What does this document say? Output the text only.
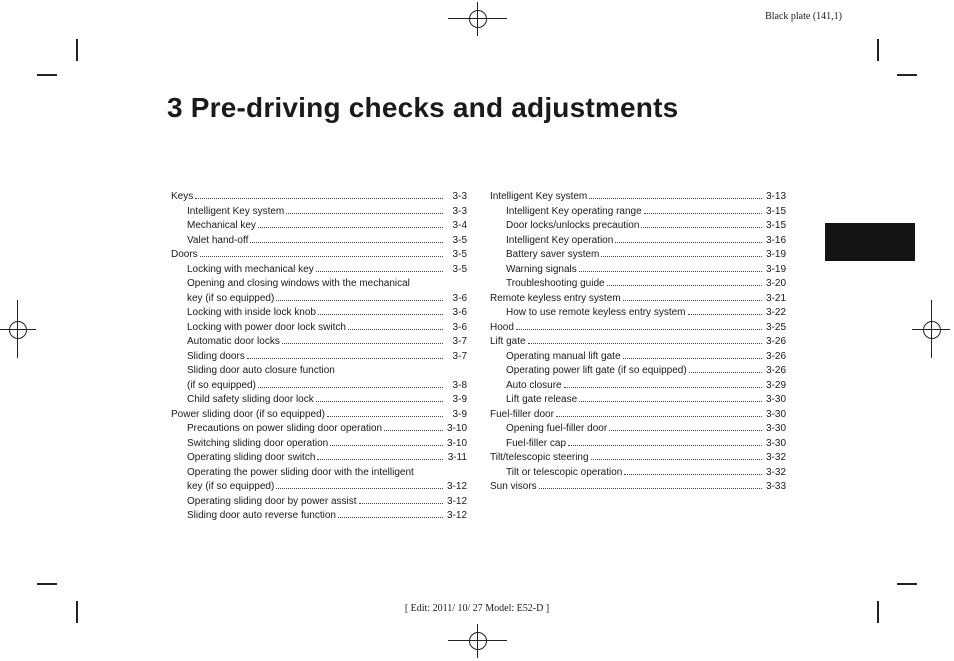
Black plate (141,1)
3 Pre-driving checks and adjustments
Keys	3-3
Intelligent Key system	3-3
Mechanical key	3-4
Valet hand-off	3-5
Doors	3-5
Locking with mechanical key	3-5
Opening and closing windows with the mechanical
key (if so equipped)	3-6
Locking with inside lock knob	3-6
Locking with power door lock switch	3-6
Automatic door locks	3-7
Sliding doors	3-7
Sliding door auto closure function
(if so equipped)	3-8
Child safety sliding door lock	3-9
Power sliding door (if so equipped)	3-9
Precautions on power sliding door operation	3-10
Switching sliding door operation	3-10
Operating sliding door switch	3-11
Operating the power sliding door with the intelligent
key (if so equipped)	3-12
Operating sliding door by power assist	3-12
Sliding door auto reverse function	3-12
Intelligent Key system	3-13
Intelligent Key operating range	3-15
Door locks/unlocks precaution	3-15
Intelligent Key operation	3-16
Battery saver system	3-19
Warning signals	3-19
Troubleshooting guide	3-20
Remote keyless entry system	3-21
How to use remote keyless entry system	3-22
Hood	3-25
Lift gate	3-26
Operating manual lift gate	3-26
Operating power lift gate (if so equipped)	3-26
Auto closure	3-29
Lift gate release	3-30
Fuel-filler door	3-30
Opening fuel-filler door	3-30
Fuel-filler cap	3-30
Tilt/telescopic steering	3-32
Tilt or telescopic operation	3-32
Sun visors	3-33
[ Edit: 2011/ 10/ 27 Model: E52-D ]
